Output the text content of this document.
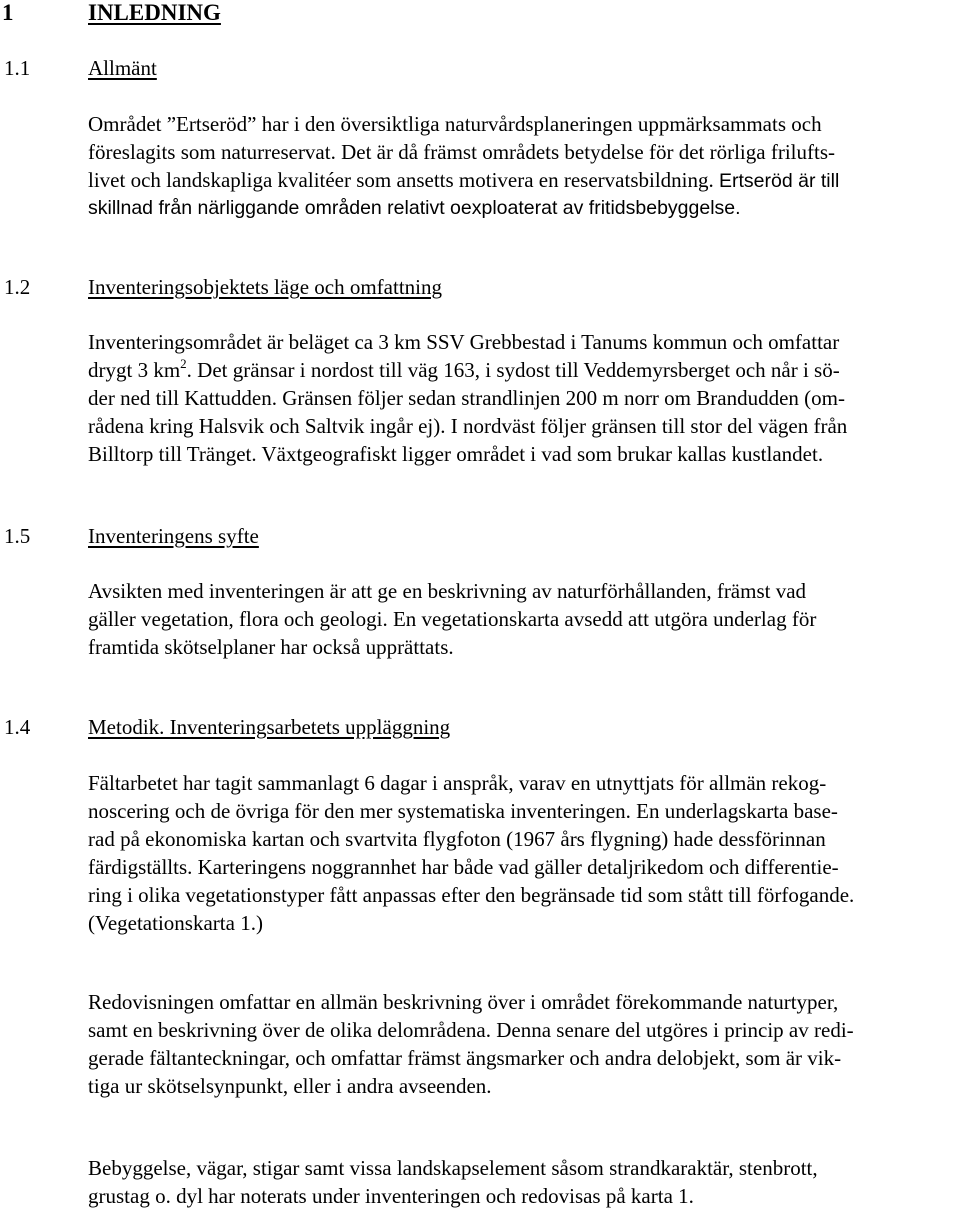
1	INLEDNING
1.1	Allmänt
Området ”Ertseröd” har i den översiktliga naturvårdsplaneringen uppmärksammats och
föreslagits som naturreservat. Det är då främst områdets betydelse för det rörliga frilufts-
livet och landskapliga kvalitéer som ansetts motivera en reservatsbildning. Ertseröd är till
skillnad från närliggande områden relativt oexploaterat av fritidsbebyggelse.
1.2	Inventeringsobjektets läge och omfattning
Inventeringsområdet är beläget ca 3 km SSV Grebbestad i Tanums kommun och omfattar
drygt 3 $km^2$. Det gränsar i nordost till väg 163, i sydost till Veddemyrsberget och når i sö-
der ned till Kattudden. Gränsen följer sedan strandlinjen 200 m norr om Brandudden (om-
rådena kring Halsvik och Saltvik ingår ej). I nordväst följer gränsen till stor del vägen från
Billtorp till Tränget. Växtgeografiskt ligger området i vad som brukar kallas kustlandet.
1.5	Inventeringens syfte
Avsikten med inventeringen är att ge en beskrivning av naturförhållanden, främst vad
gäller vegetation, flora och geologi. En vegetationskarta avsedd att utgöra underlag för
framtida skötselplaner har också upprättats.
1.4	Metodik. Inventeringsarbetets uppläggning
Fältarbetet har tagit sammanlagt 6 dagar i anspråk, varav en utnyttjats för allmän rekog-
noscering och de övriga för den mer systematiska inventeringen. En underlagskarta base-
rad på ekonomiska kartan och svartvita flygfoton (1967 års flygning) hade dessförinnan
färdigställts. Karteringens noggrannhet har både vad gäller detaljrikedom och differentie-
ring i olika vegetationstyper fått anpassas efter den begränsade tid som stått till förfogande.
(Vegetationskarta 1.)
Redovisningen omfattar en allmän beskrivning över i området förekommande naturtyper,
samt en beskrivning över de olika delområdena. Denna senare del utgöres i princip av redi-
gerade fältanteckningar, och omfattar främst ängsmarker och andra delobjekt, som är vik-
tiga ur skötselsynpunkt, eller i andra avseenden.
Bebyggelse, vägar, stigar samt vissa landskapselement såsom strandkaraktär, stenbrott,
grustag o. dyl har noterats under inventeringen och redovisas på karta 1.
